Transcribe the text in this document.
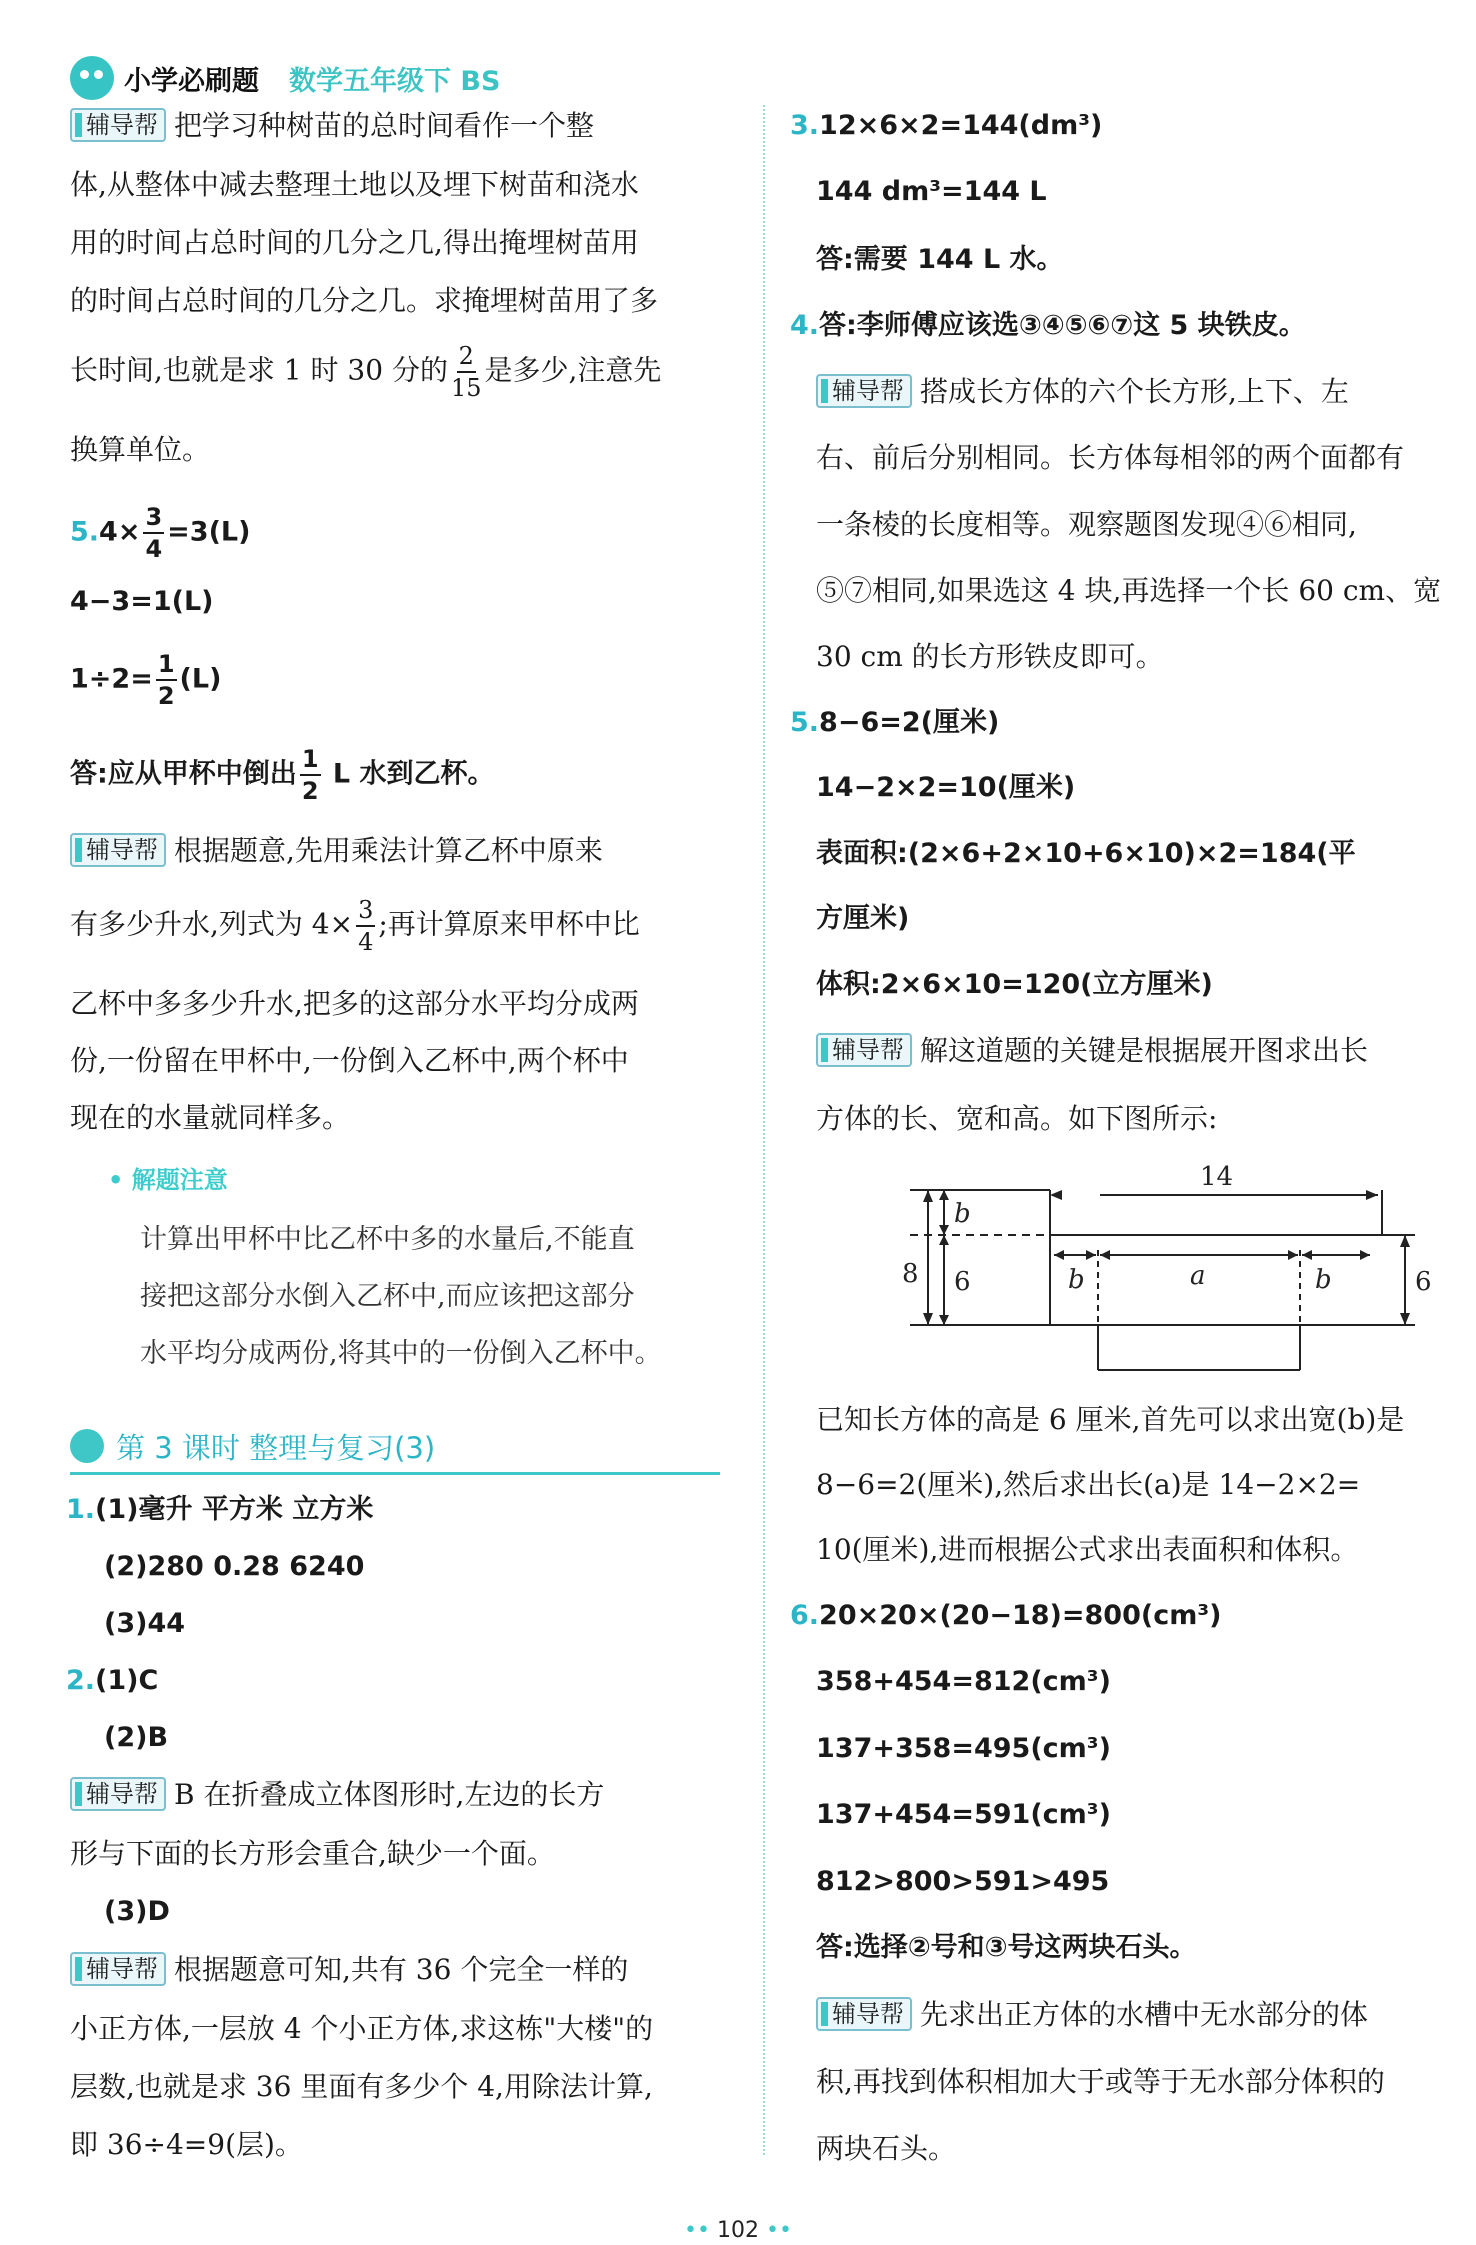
小学必刷题 数学五年级下 BS
辅导帮 把学习种树苗的总时间看作一个整
体,从整体中减去整理土地以及埋下树苗和浇水
用的时间占总时间的几分之几,得出掩埋树苗用
的时间占总时间的几分之几。求掩埋树苗用了多
长时间,也就是求 1 时 30 分的 $\frac{2}{15}$ 是多少,注意先
换算单位。
$5.4\times \frac{3}{4} =3(L)$
4−3=1(L)
$1\div 2= \frac{1}{2} (L)$
答:应从甲杯中倒出 $\frac{1}{2}$ L 水到乙杯。
辅导帮 根据题意,先用乘法计算乙杯中原来
有多少升水,列式为 $4\times \frac{3}{4}$ ;再计算原来甲杯中比
乙杯中多多少升水,把多的这部分水平均分成两
份,一份留在甲杯中,一份倒入乙杯中,两个杯中
现在的水量就同样多。
• 解题注意
计算出甲杯中比乙杯中多的水量后,不能直
接把这部分水倒入乙杯中,而应该把这部分
水平均分成两份,将其中的一份倒入乙杯中。
第 3 课时 整理与复习(3)
1.(1)毫升 平方米 立方米
(2)280 0.28 6240
(3)44
2.(1)C
(2)B
辅导帮 B 在折叠成立体图形时,左边的长方
形与下面的长方形会重合,缺少一个面。
(3)D
辅导帮 根据题意可知,共有 36 个完全一样的
小正方体,一层放 4 个小正方体,求这栋"大楼"的
层数,也就是求 36 里面有多少个 4,用除法计算,
即 36÷4=9(层)。
3.12×6×2=144(dm³)
144 dm³=144 L
答:需要 144 L 水。
4.答:李师傅应该选③④⑤⑥⑦这 5 块铁皮。
辅导帮 搭成长方体的六个长方形,上下、左
右、前后分别相同。长方体每相邻的两个面都有
一条棱的长度相等。观察题图发现④⑥相同,
⑤⑦相同,如果选这 4 块,再选择一个长 60 cm、宽
30 cm 的长方形铁皮即可。
5.8−6=2(厘米)
14−2×2=10(厘米)
表面积:(2×6+2×10+6×10)×2=184(平
方厘米)
体积:2×6×10=120(立方厘米)
辅导帮 解这道题的关键是根据展开图求出长
方体的长、宽和高。如下图所示:
14
8
b
6	b	a	b	6
已知长方体的高是 6 厘米,首先可以求出宽(b)是
8−6=2(厘米),然后求出长(a)是 14−2×2=
10(厘米),进而根据公式求出表面积和体积。
6.20×20×(20−18)=800(cm³)
358+454=812(cm³)
137+358=495(cm³)
137+454=591(cm³)
812>800>591>495
答:选择②号和③号这两块石头。
辅导帮 先求出正方体的水槽中无水部分的体
积,再找到体积相加大于或等于无水部分体积的
两块石头。
•• 102 ••
